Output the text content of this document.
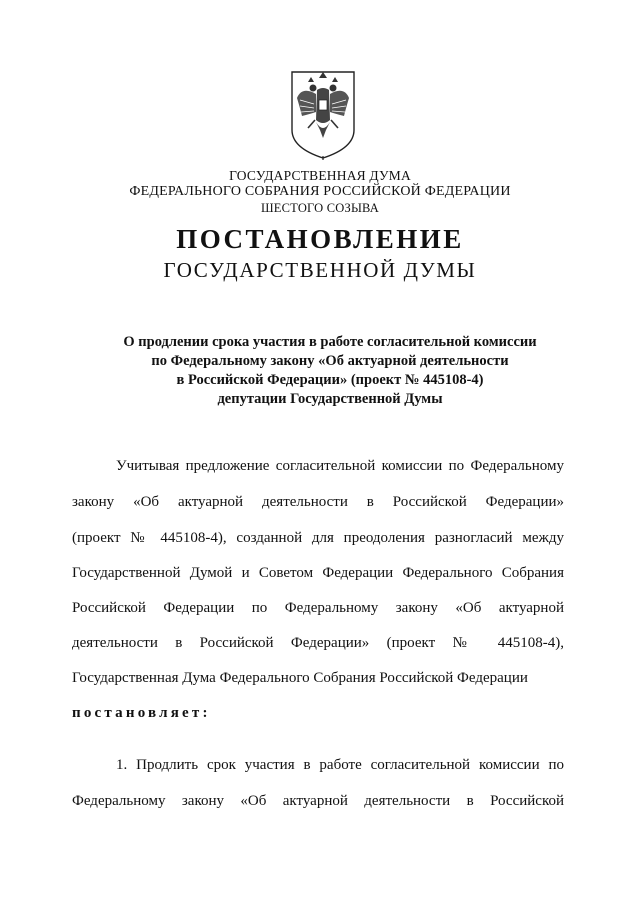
ГОСУДАРСТВЕННАЯ ДУМА
ФЕДЕРАЛЬНОГО СОБРАНИЯ РОССИЙСКОЙ ФЕДЕРАЦИИ
ШЕСТОГО СОЗЫВА
ПОСТАНОВЛЕНИЕ
ГОСУДАРСТВЕННОЙ ДУМЫ
О продлении срока участия в работе согласительной комиссии
по Федеральному закону «Об актуарной деятельности
в Российской Федерации» (проект № 445108-4)
депутации Государственной Думы
Учитывая предложение согласительной комиссии по Федеральному
закону «Об актуарной деятельности в Российской Федерации»
(проект № 445108-4), созданной для преодоления разногласий между
Государственной Думой и Советом Федерации Федерального Собрания
Российской Федерации по Федеральному закону «Об актуарной
деятельности в Российской Федерации» (проект № 445108-4),
Государственная Дума Федерального Собрания Российской Федерации
постановляет:
1. Продлить срок участия в работе согласительной комиссии по
Федеральному закону «Об актуарной деятельности в Российской
